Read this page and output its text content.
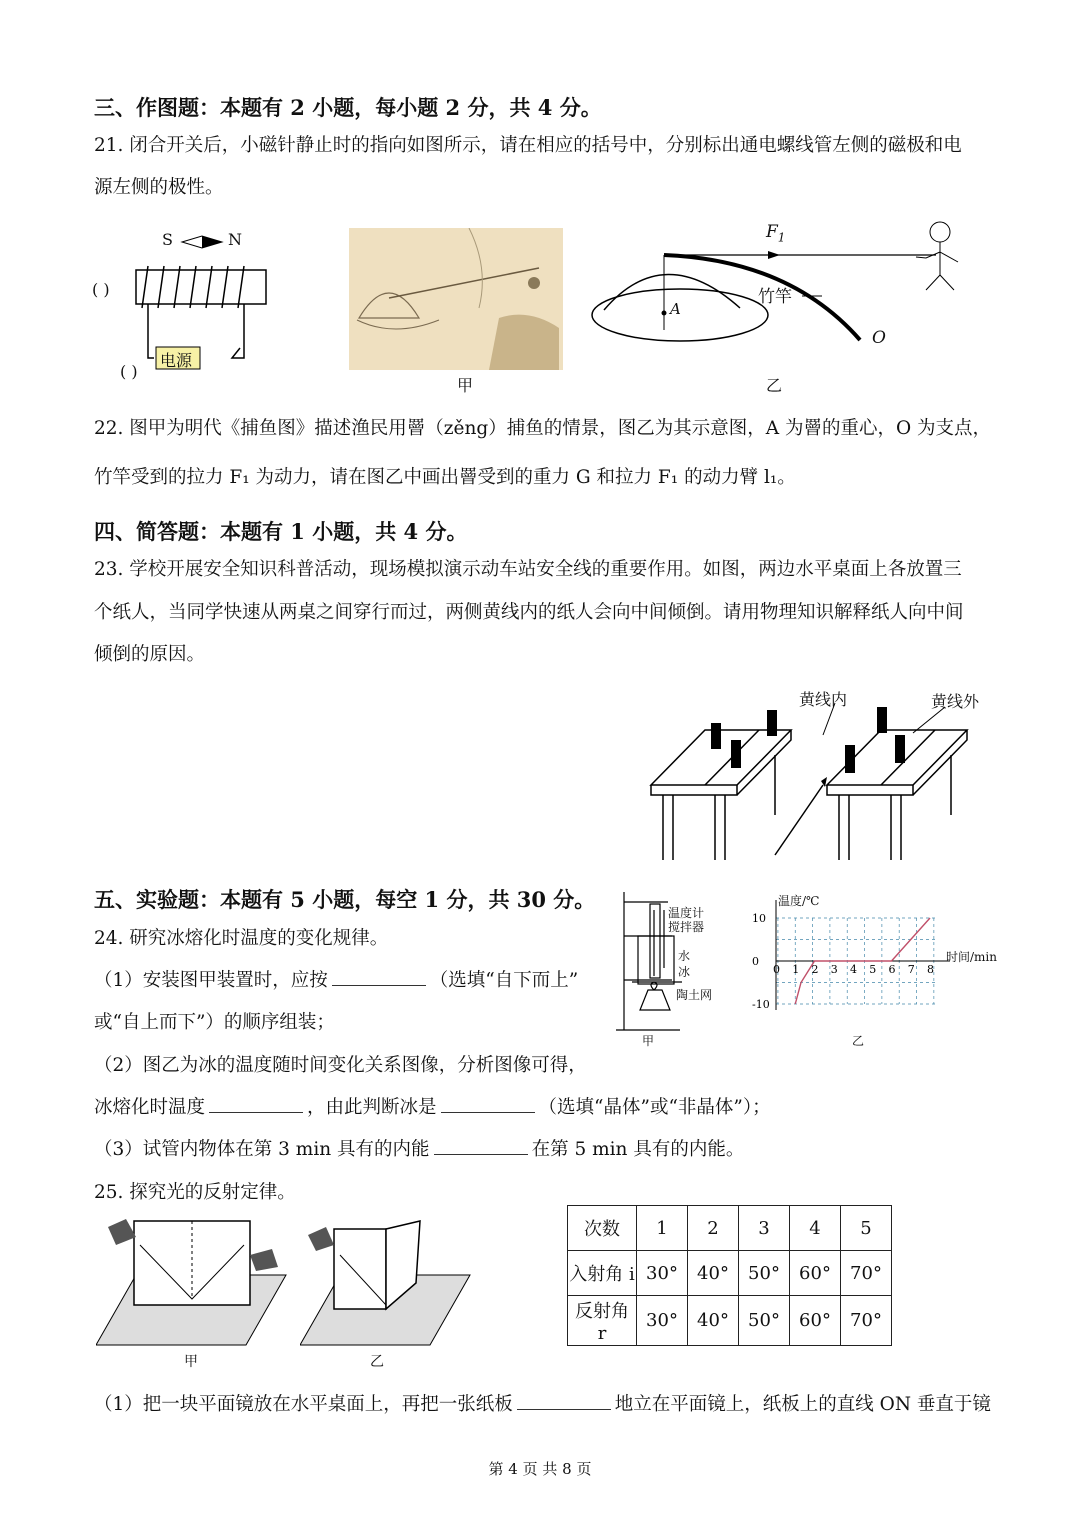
三、作图题：本题有 2 小题，每小题 2 分，共 4 分。
21. 闭合开关后，小磁针静止时的指向如图所示，请在相应的括号中，分别标出通电螺线管左侧的磁极和电
源左侧的极性。
S	N
( )
电源
( )
甲
$F_1$
竹竿
A
O
乙
22. 图甲为明代《捕鱼图》描述渔民用罾（zěng）捕鱼的情景，图乙为其示意图，A 为罾的重心，O 为支点，
竹竿受到的拉力 F₁ 为动力，请在图乙中画出罾受到的重力 G 和拉力 F₁ 的动力臂 l₁。
四、简答题：本题有 1 小题，共 4 分。
23. 学校开展安全知识科普活动，现场模拟演示动车站安全线的重要作用。如图，两边水平桌面上各放置三
个纸人，当同学快速从两桌之间穿行而过，两侧黄线内的纸人会向中间倾倒。请用物理知识解释纸人向中间
倾倒的原因。
黄线内	黄线外
五、实验题：本题有 5 小题，每空 1 分，共 30 分。
24. 研究冰熔化时温度的变化规律。
（1）安装图甲装置时，应按	（选填“自下而上”
或“自上而下”）的顺序组装；
（2）图乙为冰的温度随时间变化关系图像，分析图像可得，
冰熔化时温度	，由此判断冰是	（选填“晶体”或“非晶体”）；
（3）试管内物体在第 3 min 具有的内能	在第 5 min 具有的内能。
温度计
搅拌器
水
冰
陶土网
甲
0 1 2 3 4 5 6 7 8
10
0
-10
温度/℃
时间/min
乙
25. 探究光的反射定律。
甲	乙
次数	1	2	3	4	5
入射角 i	30°	40°	50°	60°	70°
反射角 r	30°	40°	50°	60°	70°
（1）把一块平面镜放在水平桌面上，再把一张纸板	地立在平面镜上，纸板上的直线 ON 垂直于镜
第 4 页 共 8 页
